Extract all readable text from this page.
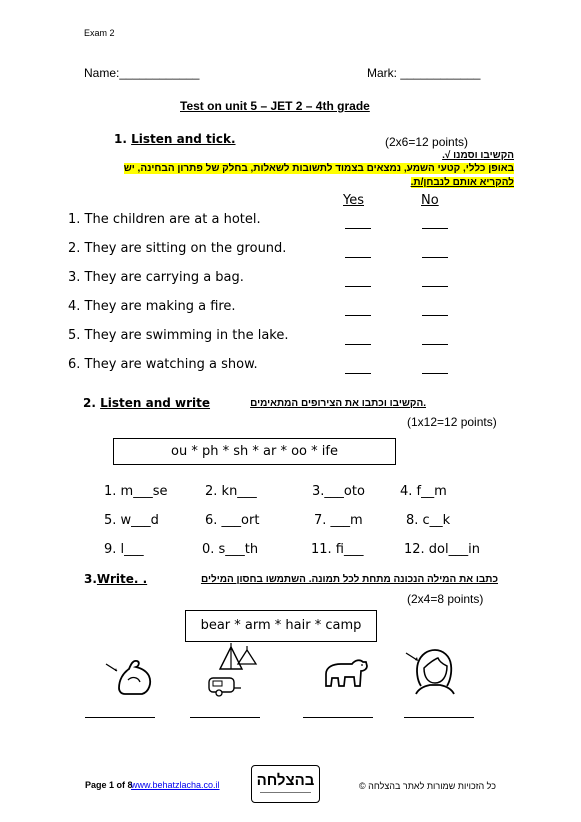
Exam 2
Name:____________	Mark: ____________
Test on unit 5 – JET 2 – 4th grade
1. Listen and tick.	(2x6=12 points)
הקשיבו וסמנו √.
באופן כללי, קטעי השמע, נמצאים בצמוד לתשובות לשאלות, בחלק של פתרון הבחינה, יש
להקריא אותם לנבחן/ת.
Yes	No
1. The children are at a hotel.
2. They are sitting on the ground.
3. They are carrying a bag.
4. They are making a fire.
5. They are swimming in the lake.
6. They are watching a show.
2. Listen and write	.הקשיבו וכתבו את הצירופים המתאימים
(1x12=12 points)
ou * ph * sh * ar * oo * ife
1. m___se	2. kn___	3.___oto	4. f__m
5. w___d	6. ___ort	7. ___m	8. c__k
9. l___	0. s___th	11. fi___	12. dol___in
3.Write. .	כתבו את המילה הנכונה מתחת לכל תמונה. השתמשו בחסון המילים
(2x4=8 points)
bear * arm * hair * camp
Page 1 of 8
www.behatzlacha.co.il	בהצלחה	כל הזכויות שמורות לאתר בהצלחה ©
